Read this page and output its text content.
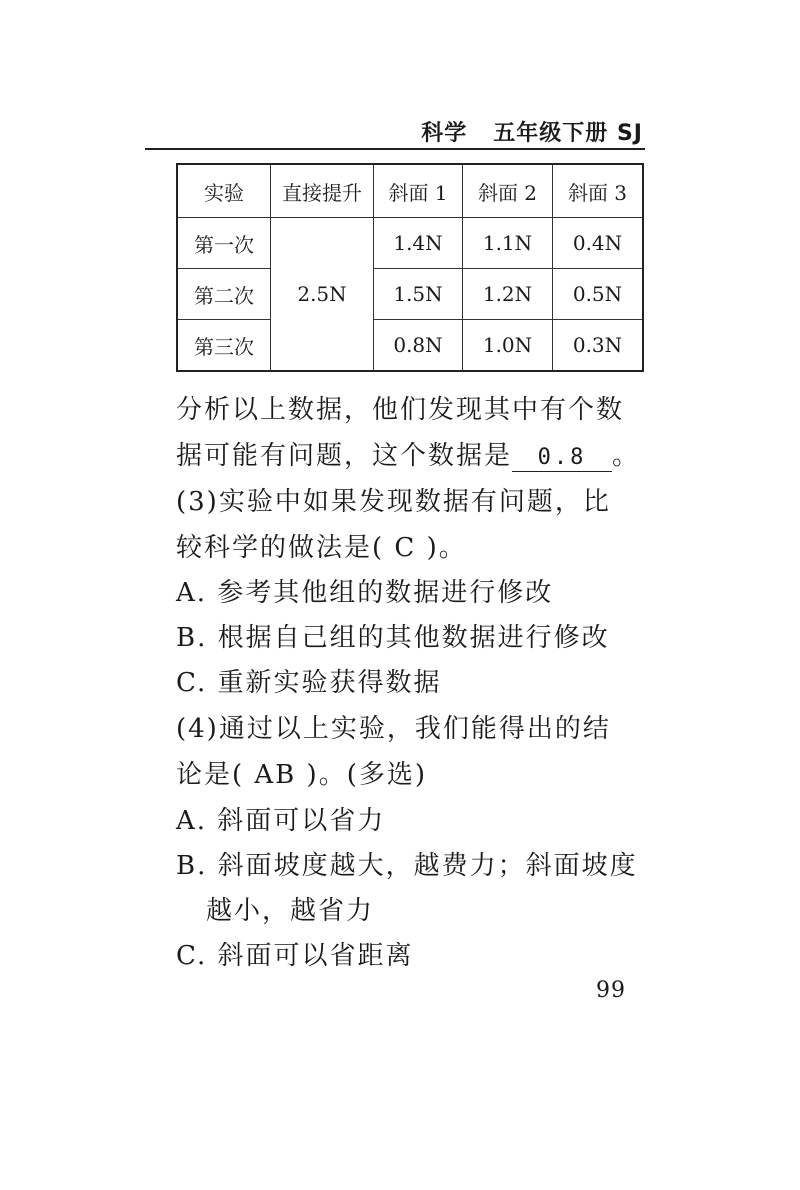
科学 五年级下册 SJ
实验	直接提升	斜面 1	斜面 2	斜面 3
第一次	2.5N	1.4N	1.1N	0.4N
第二次		1.5N	1.2N	0.5N
第三次		0.8N	1.0N	0.3N
分析以上数据，他们发现其中有个数
据可能有问题，这个数据是 0.8 。
(3)实验中如果发现数据有问题，比
较科学的做法是( C )。
A. 参考其他组的数据进行修改
B. 根据自己组的其他数据进行修改
C. 重新实验获得数据
(4)通过以上实验，我们能得出的结
论是( AB )。(多选)
A. 斜面可以省力
B. 斜面坡度越大，越费力；斜面坡度
越小，越省力
C. 斜面可以省距离
99
